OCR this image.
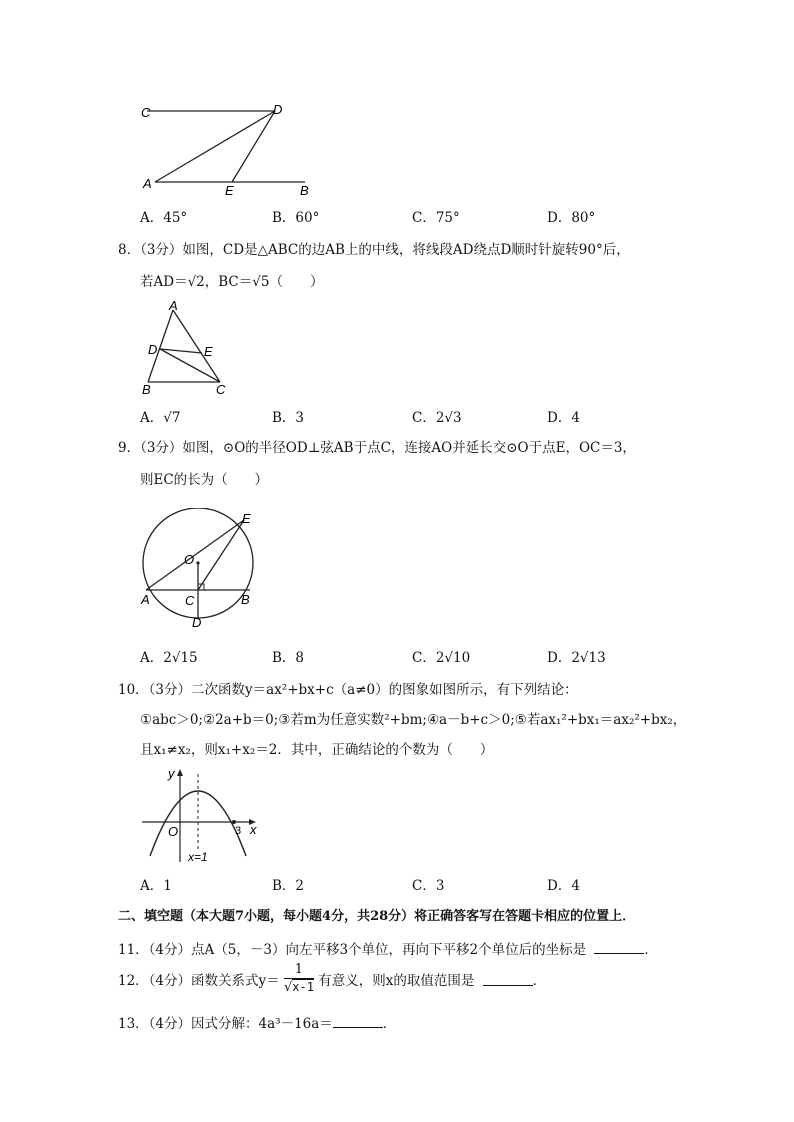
C	D
A	E	B
A．45°	B．60°	C．75°	D．80°
8．（3分）如图，CD是△ABC的边AB上的中线，将线段AD绕点D顺时针旋转90°后，
若AD＝√2，BC＝√5（　　）
A
D	E
B	C
A．√7	B．3	C．2√3	D．4
9．（3分）如图，⊙O的半径OD⊥弦AB于点C，连接AO并延长交⊙O于点E，OC＝3，
则EC的长为（　　）
E
O
A	C	B
D
A．2√15	B．8	C．2√10	D．2√13
10．（3分）二次函数y＝ax²+bx+c（a≠0）的图象如图所示，有下列结论：
①abc＞0;②2a+b＝0;③若m为任意实数²+bm;④a－b+c＞0;⑤若ax₁²+bx₁＝ax₂²+bx₂，
且x₁≠x₂，则x₁+x₂＝2．其中，正确结论的个数为（　　）
y
x
O	3
x=1
A．1	B．2	C．3	D．4
二、填空题（本大题7小题，每小题4分，共28分）将正确答客写在答题卡相应的位置上．
11．（4分）点A（5，－3）向左平移3个单位，再向下平移2个单位后的坐标是	．
12．（4分）函数关系式$y= \frac{1}{√x-1}$ 有意义，则x的取值范围是	．
13．（4分）因式分解：4a³－16a＝	．
